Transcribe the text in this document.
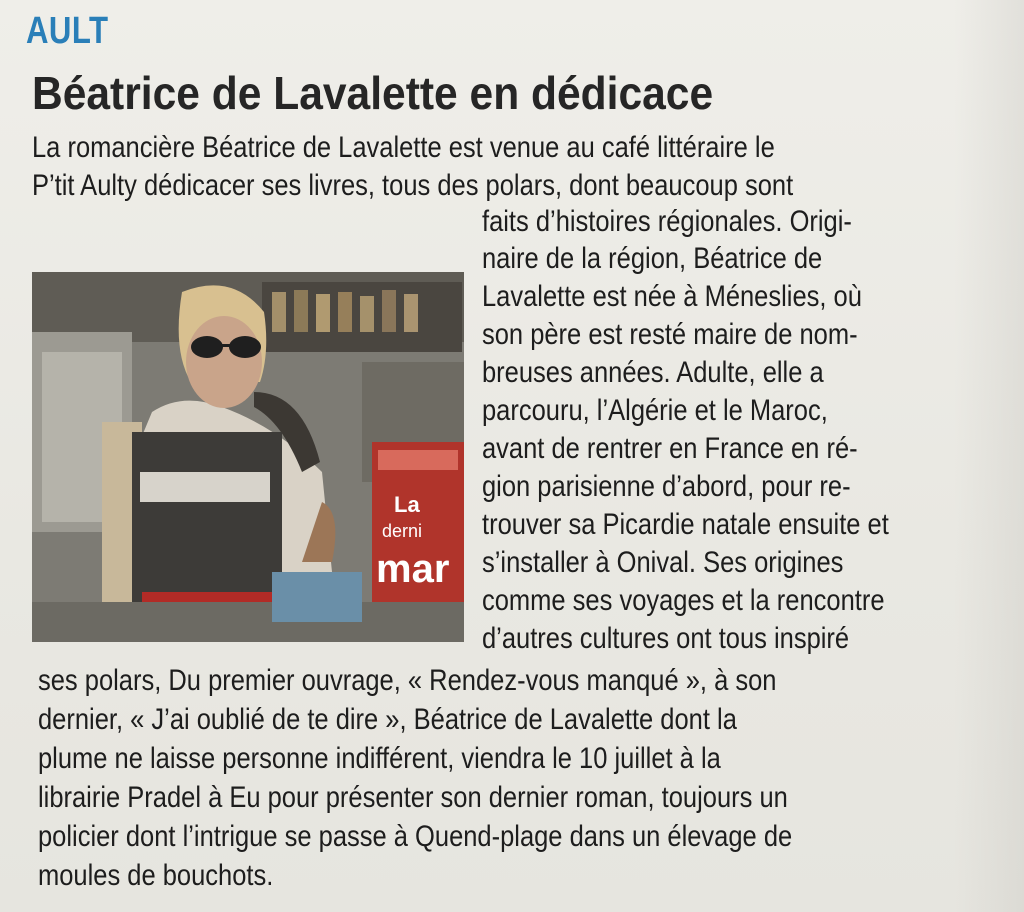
AULT
Béatrice de Lavalette en dédicace
La romancière Béatrice de Lavalette est venue au café littéraire le
P’tit Aulty dédicacer ses livres, tous des polars, dont beaucoup sont
faits d’histoires régionales. Origi-
naire de la région, Béatrice de
Lavalette est née à Méneslies, où
son père est resté maire de nom-
breuses années. Adulte, elle a
parcouru, l’Algérie et le Maroc,
avant de rentrer en France en ré-
gion parisienne d’abord, pour re-
trouver sa Picardie natale ensuite et
s’installer à Onival. Ses origines
comme ses voyages et la rencontre
d’autres cultures ont tous inspiré
ses polars, Du premier ouvrage, « Rendez-vous manqué », à son
dernier, « J’ai oublié de te dire », Béatrice de Lavalette dont la
plume ne laisse personne indifférent, viendra le 10 juillet à la
librairie Pradel à Eu pour présenter son dernier roman, toujours un
policier dont l’intrigue se passe à Quend-plage dans un élevage de
moules de bouchots.
La
derni
mar
